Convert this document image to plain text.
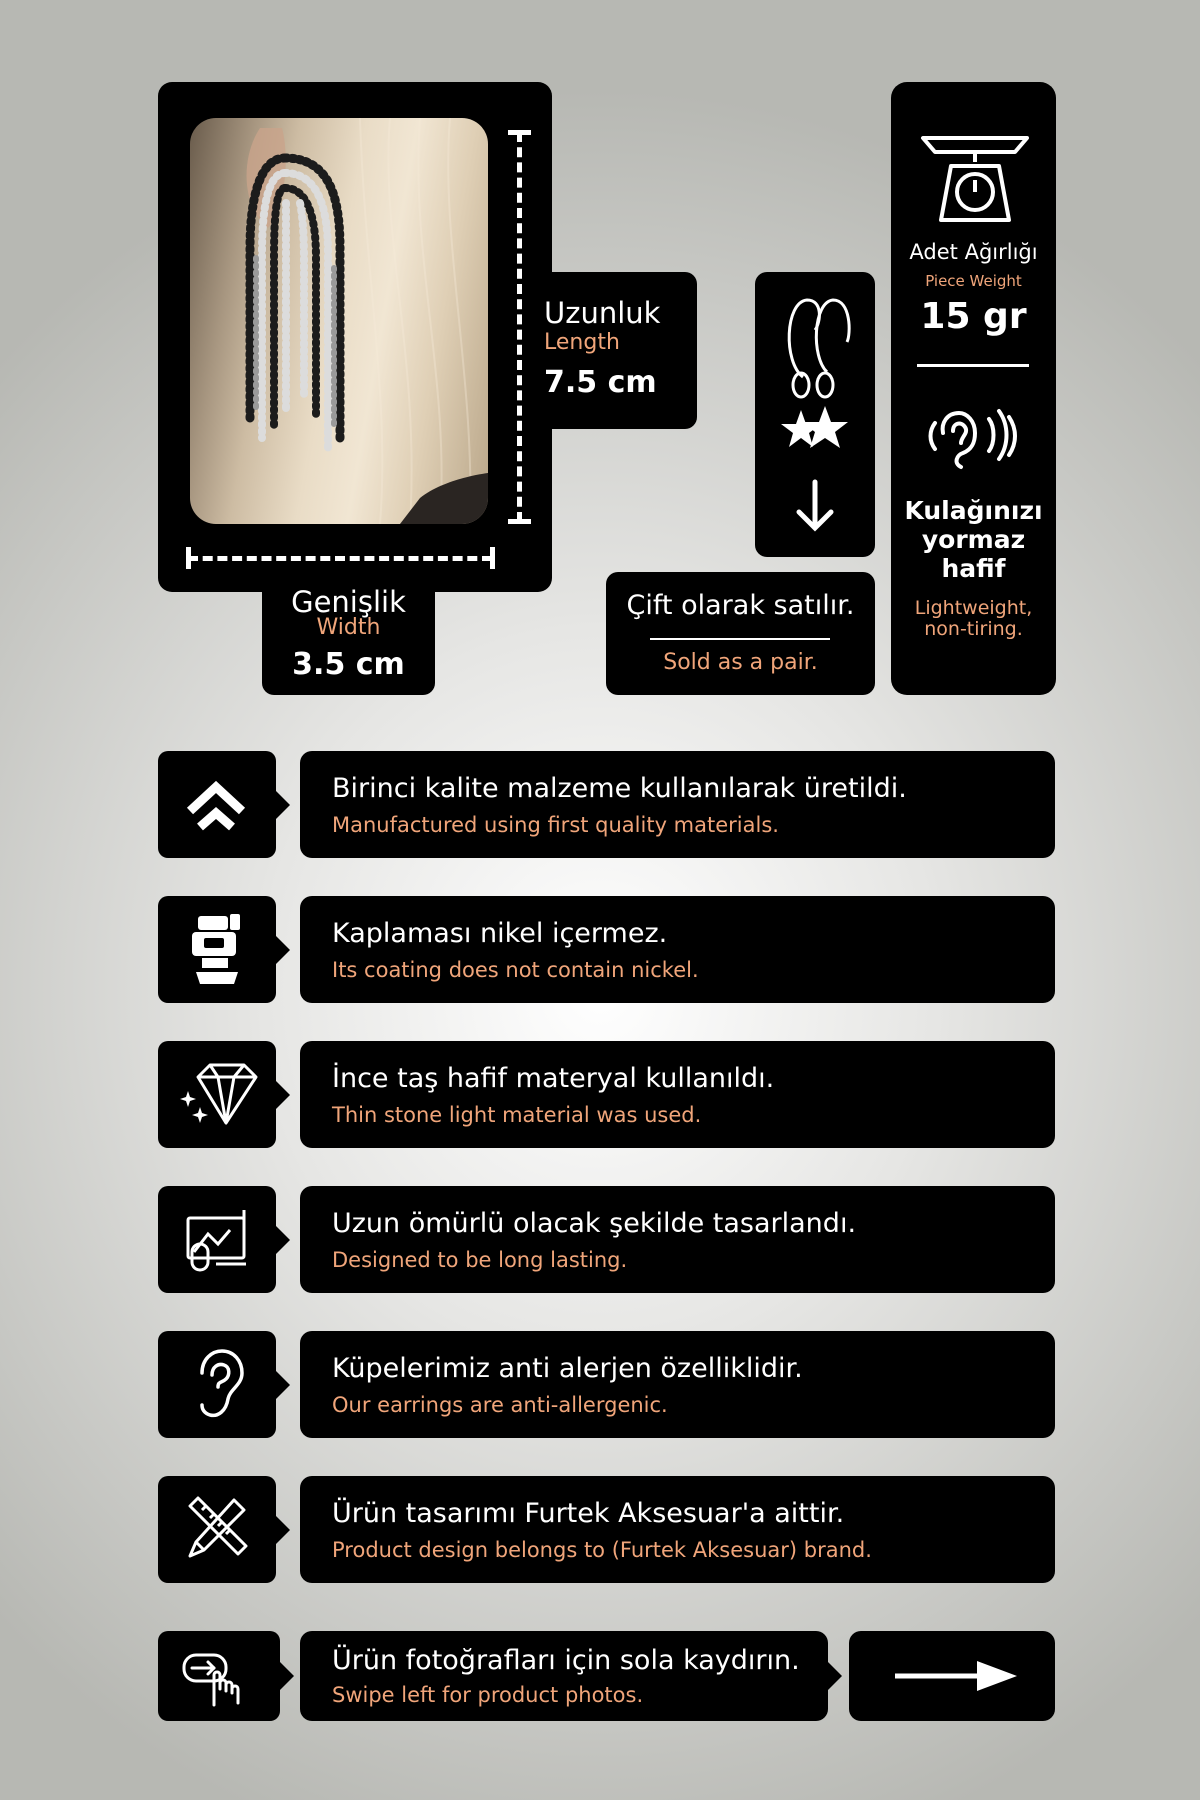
Uzunluk
Length
7.5 cm
Genişlik
Width
3.5 cm
Çift olarak satılır.
Sold as a pair.
Adet Ağırlığı
Piece Weight
15 gr
Kulağınızı
yormaz
hafif
Lightweight,
non-tiring.
Birinci kalite malzeme kullanılarak üretildi.
Manufactured using first quality materials.
Kaplaması nikel içermez.
Its coating does not contain nickel.
İnce taş hafif materyal kullanıldı.
Thin stone light material was used.
Uzun ömürlü olacak şekilde tasarlandı.
Designed to be long lasting.
Küpelerimiz anti alerjen özelliklidir.
Our earrings are anti-allergenic.
Ürün tasarımı Furtek Aksesuar'a aittir.
Product design belongs to (Furtek Aksesuar) brand.
Ürün fotoğrafları için sola kaydırın.
Swipe left for product photos.
